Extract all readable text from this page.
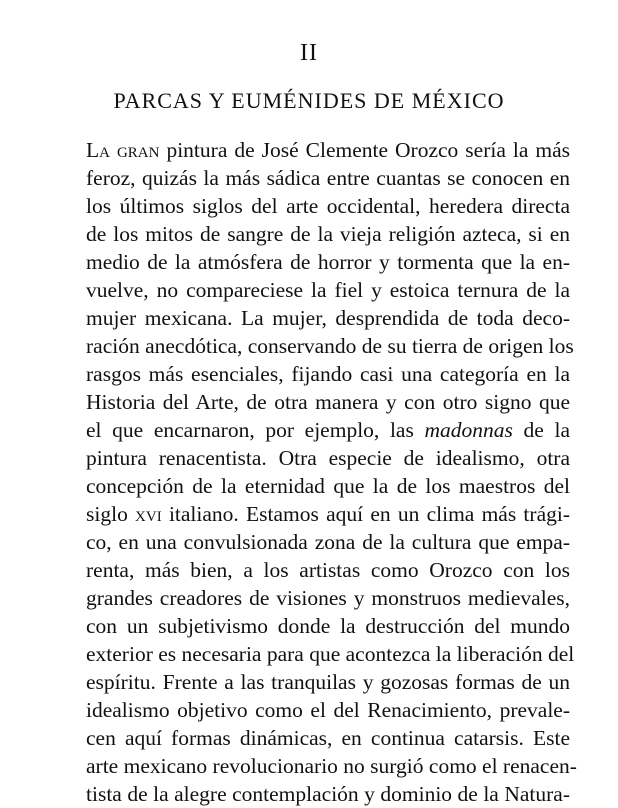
II
PARCAS Y EUMÉNIDES DE MÉXICO
La gran pintura de José Clemente Orozco sería la más
feroz, quizás la más sádica entre cuantas se conocen en
los últimos siglos del arte occidental, heredera directa
de los mitos de sangre de la vieja religión azteca, si en
medio de la atmósfera de horror y tormenta que la en-
vuelve, no compareciese la fiel y estoica ternura de la
mujer mexicana. La mujer, desprendida de toda deco-
ración anecdótica, conservando de su tierra de origen los
rasgos más esenciales, fijando casi una categoría en la
Historia del Arte, de otra manera y con otro signo que
el que encarnaron, por ejemplo, las madonnas de la
pintura renacentista. Otra especie de idealismo, otra
concepción de la eternidad que la de los maestros del
siglo xvi italiano. Estamos aquí en un clima más trági-
co, en una convulsionada zona de la cultura que empa-
renta, más bien, a los artistas como Orozco con los
grandes creadores de visiones y monstruos medievales,
con un subjetivismo donde la destrucción del mundo
exterior es necesaria para que acontezca la liberación del
espíritu. Frente a las tranquilas y gozosas formas de un
idealismo objetivo como el del Renacimiento, prevale-
cen aquí formas dinámicas, en continua catarsis. Este
arte mexicano revolucionario no surgió como el renacen-
tista de la alegre contemplación y dominio de la Natura-
